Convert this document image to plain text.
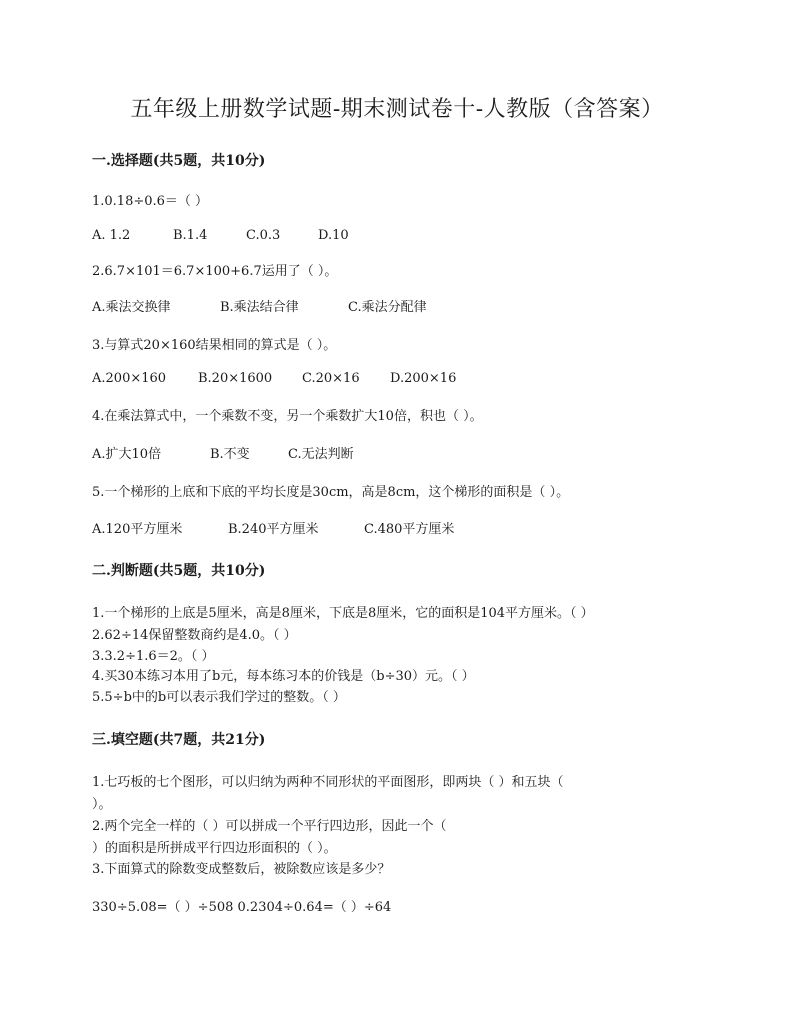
五年级上册数学试题-期末测试卷十-人教版（含答案）
一.选择题(共5题，共10分)
1.0.18÷0.6＝（ ）
A. 1.2	B.1.4	C.0.3	D.10
2.6.7×101＝6.7×100+6.7运用了（ ）。
A.乘法交换律	B.乘法结合律	C.乘法分配律
3.与算式20×160结果相同的算式是（ ）。
A.200×160	B.20×1600	C.20×16	D.200×16
4.在乘法算式中，一个乘数不变，另一个乘数扩大10倍，积也（ ）。
A.扩大10倍	B.不变	C.无法判断
5.一个梯形的上底和下底的平均长度是30cm，高是8cm，这个梯形的面积是（ ）。
A.120平方厘米	B.240平方厘米	C.480平方厘米
二.判断题(共5题，共10分)
1.一个梯形的上底是5厘米，高是8厘米，下底是8厘米，它的面积是104平方厘米。（ ）
2.62÷14保留整数商约是4.0。（ ）
3.3.2÷1.6＝2。（ ）
4.买30本练习本用了b元，每本练习本的价钱是（b÷30）元。（ ）
5.5÷b中的b可以表示我们学过的整数。（ ）
三.填空题(共7题，共21分)
1.七巧板的七个图形，可以归纳为两种不同形状的平面图形，即两块（ ）和五块（
）。
2.两个完全一样的（ ）可以拼成一个平行四边形，因此一个（
）的面积是所拼成平行四边形面积的（ ）。
3.下面算式的除数变成整数后，被除数应该是多少？
330÷5.08=（ ）÷508 0.2304÷0.64=（ ）÷64
